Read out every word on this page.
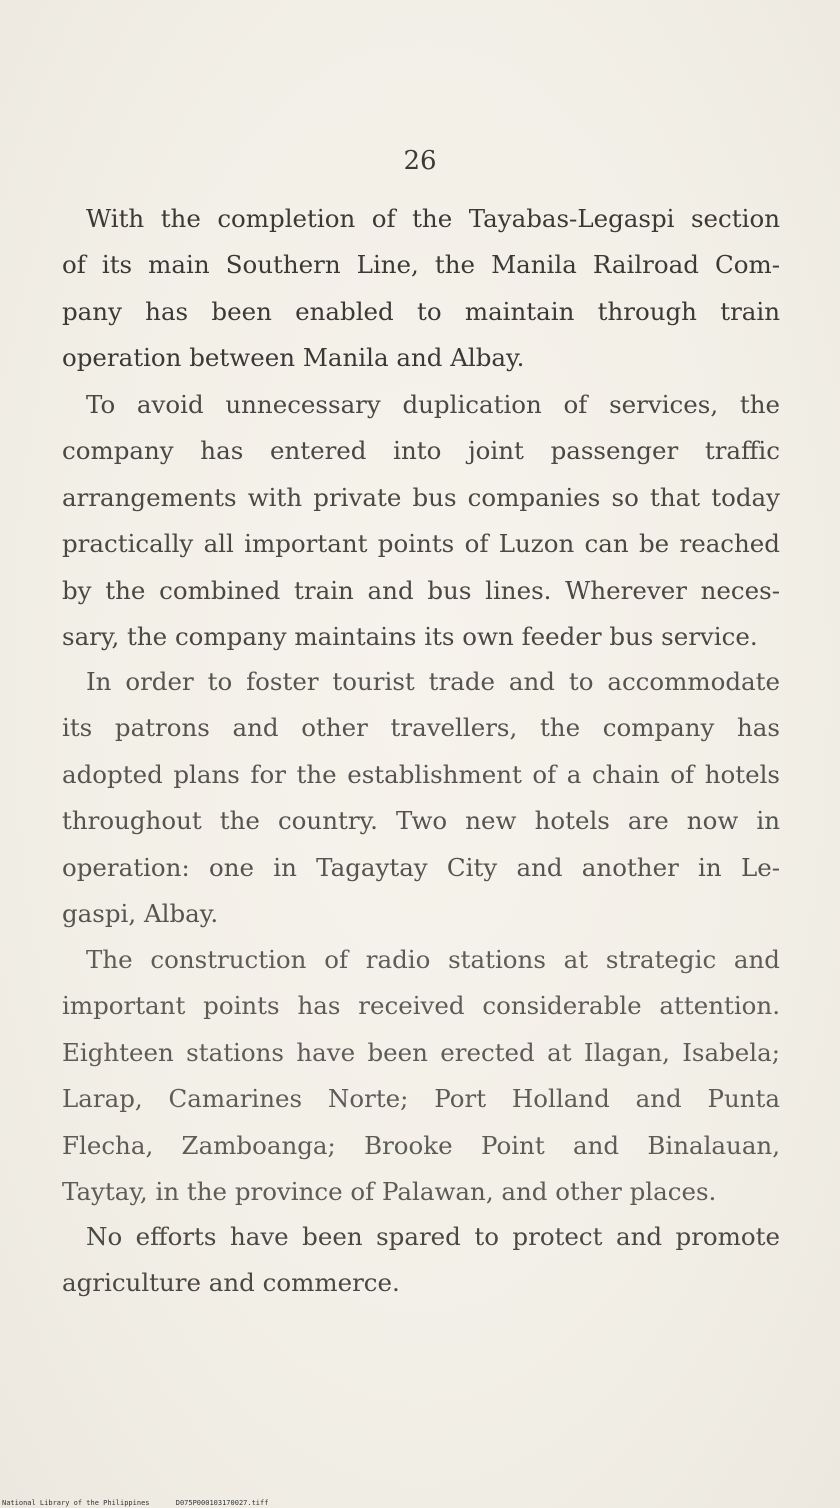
26
With the completion of the Tayabas-Legaspi section
of its main Southern Line, the Manila Railroad Com-
pany has been enabled to maintain through train
operation between Manila and Albay.
To avoid unnecessary duplication of services, the
company has entered into joint passenger traffic
arrangements with private bus companies so that today
practically all important points of Luzon can be reached
by the combined train and bus lines. Wherever neces-
sary, the company maintains its own feeder bus service.
In order to foster tourist trade and to accommodate
its patrons and other travellers, the company has
adopted plans for the establishment of a chain of hotels
throughout the country. Two new hotels are now in
operation: one in Tagaytay City and another in Le-
gaspi, Albay.
The construction of radio stations at strategic and
important points has received considerable attention.
Eighteen stations have been erected at Ilagan, Isabela;
Larap, Camarines Norte; Port Holland and Punta
Flecha, Zamboanga; Brooke Point and Binalauan,
Taytay, in the province of Palawan, and other places.
No efforts have been spared to protect and promote
agriculture and commerce.
National Library of the Philippines	D075P000103170027.tiff
